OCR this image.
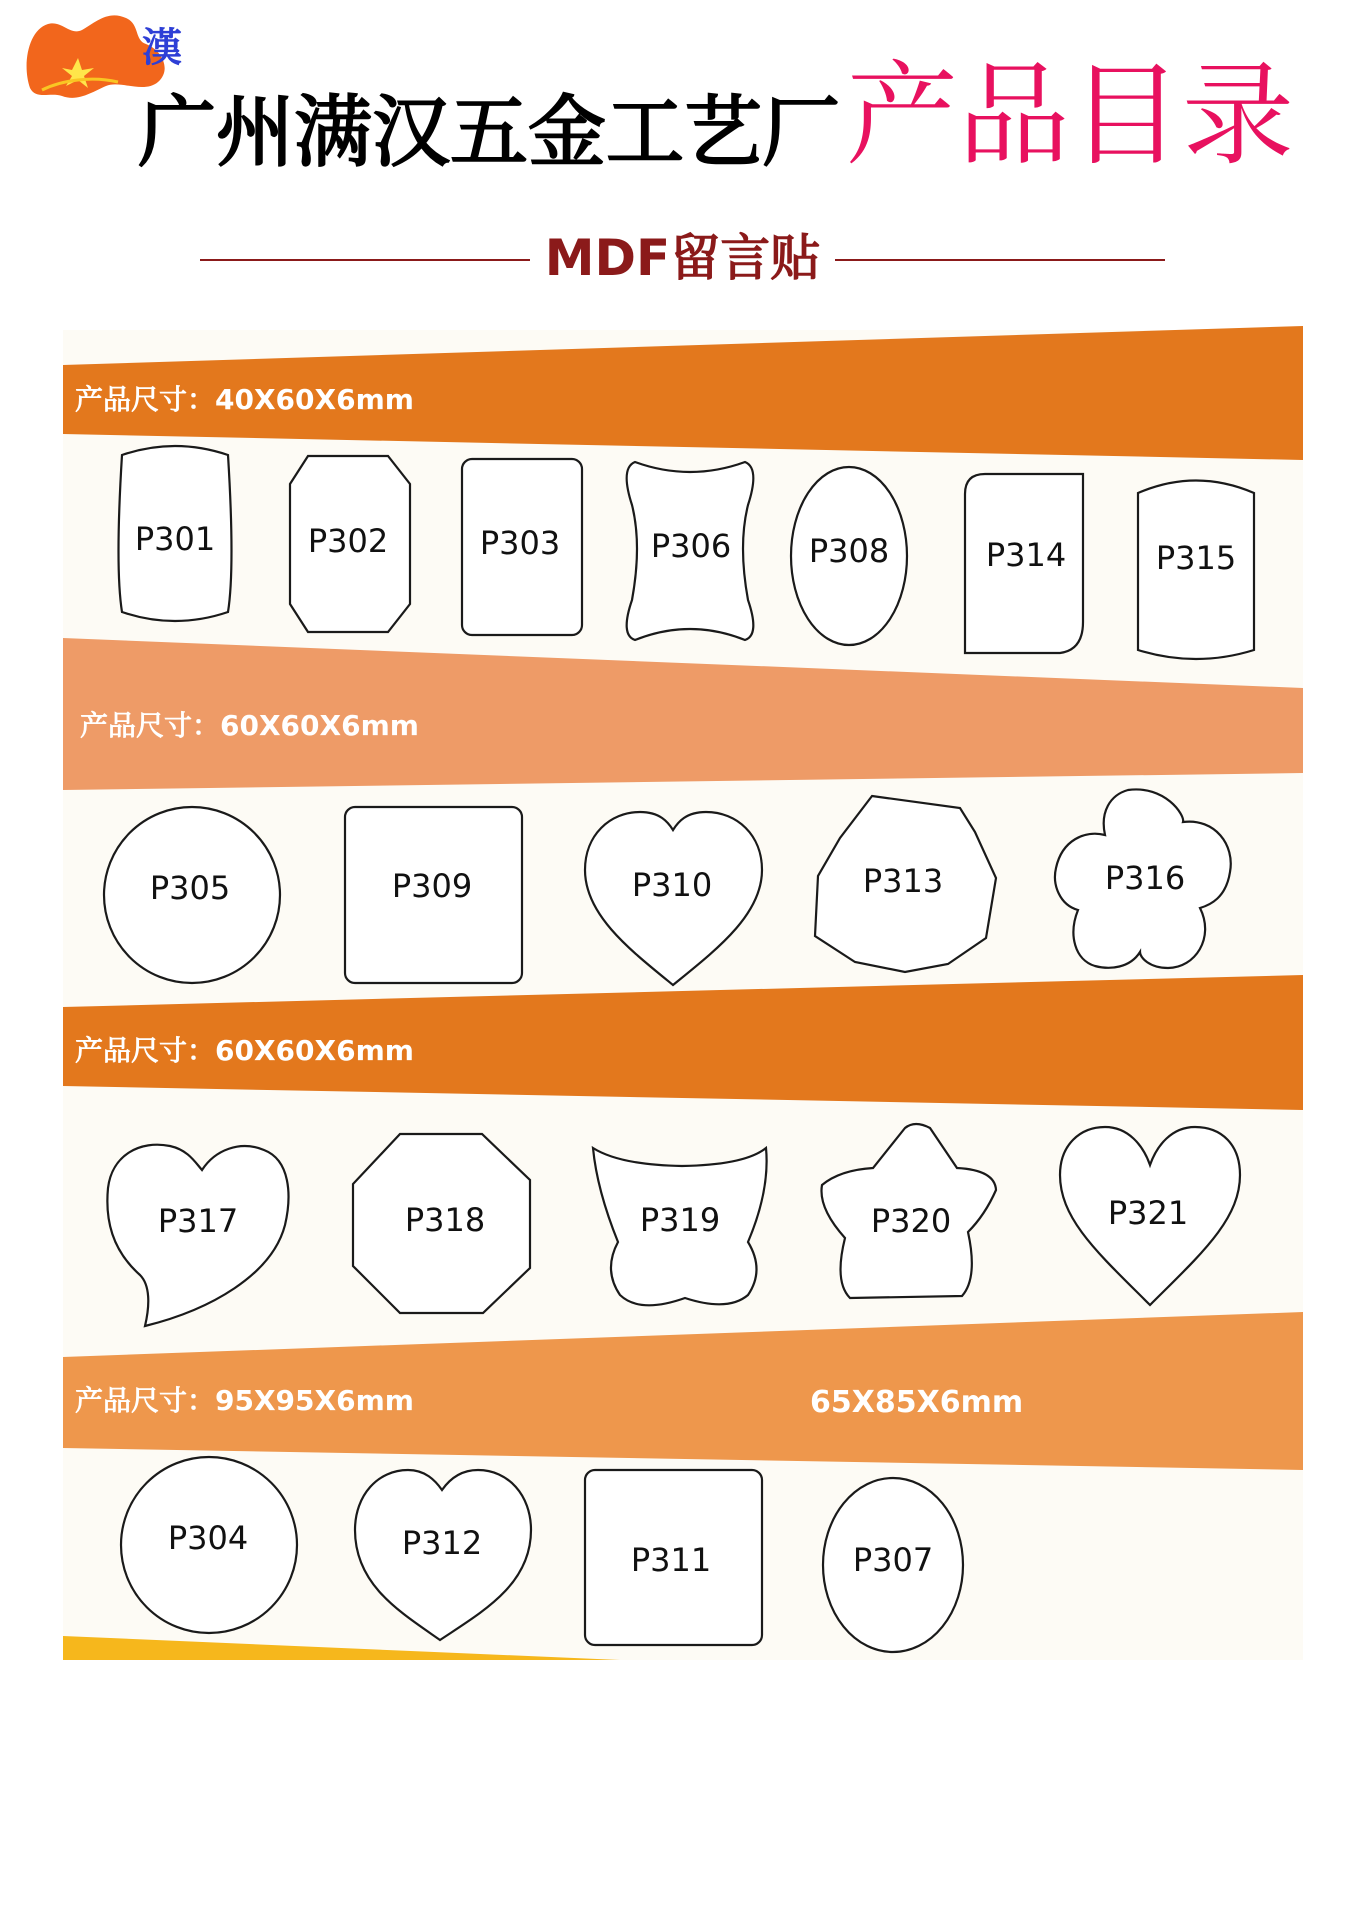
漢
广州满汉五金工艺厂产品目录
MDF留言贴
P301	P302	P303	P306 P308	P314	P315
P305	P309	P310	P313	P316
P317	P318	P319	P320	P321
P304	P312	P311	P307
产品尺寸：40X60X6mm
产品尺寸：60X60X6mm
产品尺寸：60X60X6mm
产品尺寸：95X95X6mm	65X85X6mm
